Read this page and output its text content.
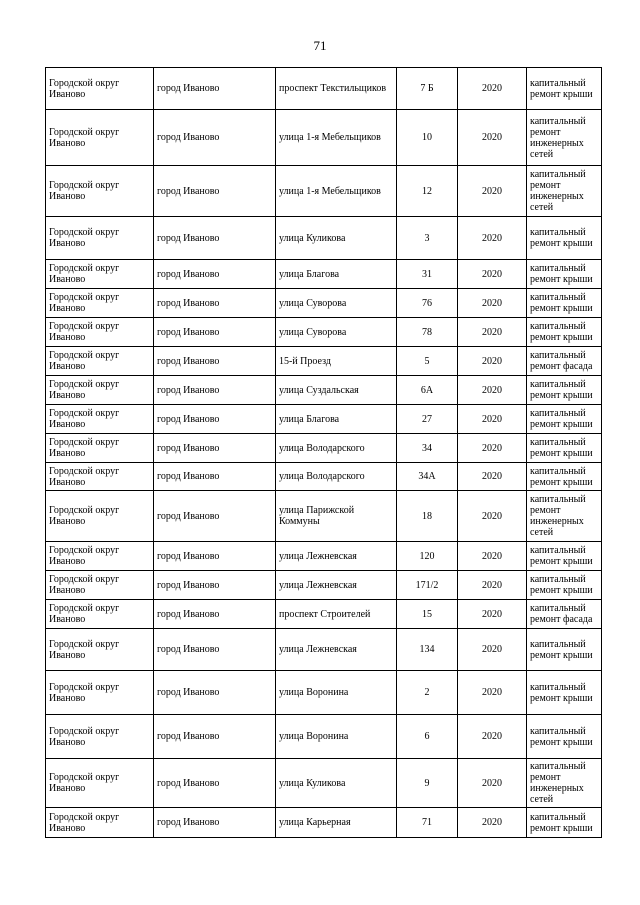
71
Городской округ Иваново	город Иваново	проспект Текстильщиков	7 Б	2020	капитальный ремонт крыши
Городской округ Иваново	город Иваново	улица 1-я Мебельщиков	10	2020	капитальный ремонт инженерных сетей
Городской округ Иваново	город Иваново	улица 1-я Мебельщиков	12	2020	капитальный ремонт инженерных сетей
Городской округ Иваново	город Иваново	улица Куликова	3	2020	капитальный ремонт крыши
Городской округ Иваново	город Иваново	улица Благова	31	2020	капитальный ремонт крыши
Городской округ Иваново	город Иваново	улица Суворова	76	2020	капитальный ремонт крыши
Городской округ Иваново	город Иваново	улица Суворова	78	2020	капитальный ремонт крыши
Городской округ Иваново	город Иваново	15-й Проезд	5	2020	капитальный ремонт фасада
Городской округ Иваново	город Иваново	улица Суздальская	6А	2020	капитальный ремонт крыши
Городской округ Иваново	город Иваново	улица Благова	27	2020	капитальный ремонт крыши
Городской округ Иваново	город Иваново	улица Володарского	34	2020	капитальный ремонт крыши
Городской округ Иваново	город Иваново	улица Володарского	34А	2020	капитальный ремонт крыши
Городской округ Иваново	город Иваново	улица Парижской Коммуны	18	2020	капитальный ремонт инженерных сетей
Городской округ Иваново	город Иваново	улица Лежневская	120	2020	капитальный ремонт крыши
Городской округ Иваново	город Иваново	улица Лежневская	171/2	2020	капитальный ремонт крыши
Городской округ Иваново	город Иваново	проспект Строителей	15	2020	капитальный ремонт фасада
Городской округ Иваново	город Иваново	улица Лежневская	134	2020	капитальный ремонт крыши
Городской округ Иваново	город Иваново	улица Воронина	2	2020	капитальный ремонт крыши
Городской округ Иваново	город Иваново	улица Воронина	6	2020	капитальный ремонт крыши
Городской округ Иваново	город Иваново	улица Куликова	9	2020	капитальный ремонт инженерных сетей
Городской округ Иваново	город Иваново	улица Карьерная	71	2020	капитальный ремонт крыши
